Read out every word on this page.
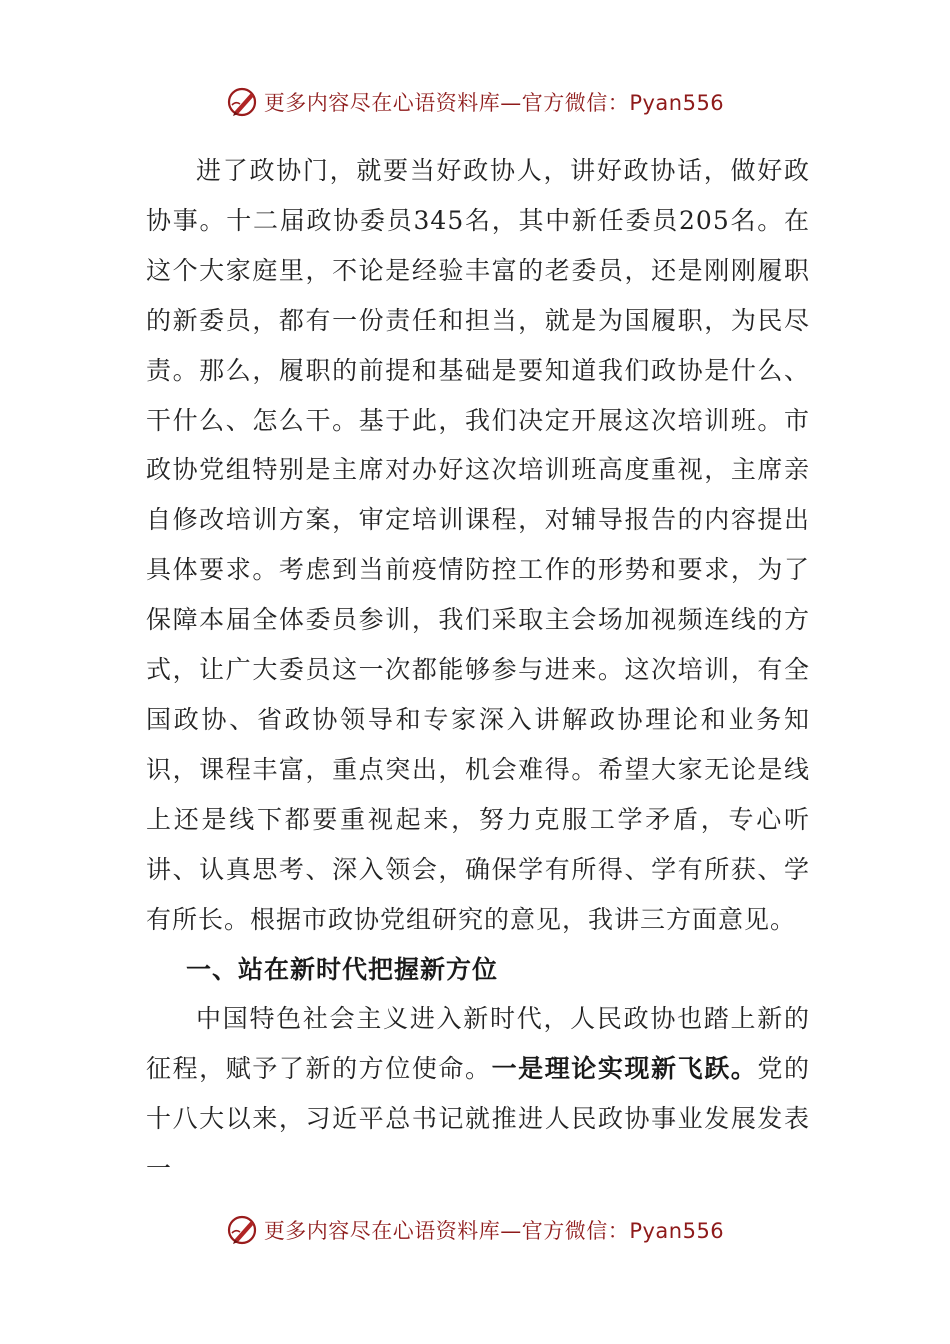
更多内容尽在心语资料库—官方微信：Pyan556

进了政协门，就要当好政协人，讲好政协话，做好政协事。十二届政协委员345名，其中新任委员205名。在这个大家庭里，不论是经验丰富的老委员，还是刚刚履职的新委员，都有一份责任和担当，就是为国履职，为民尽责。那么，履职的前提和基础是要知道我们政协是什么、干什么、怎么干。基于此，我们决定开展这次培训班。市政协党组特别是主席对办好这次培训班高度重视，主席亲自修改培训方案，审定培训课程，对辅导报告的内容提出具体要求。考虑到当前疫情防控工作的形势和要求，为了保障本届全体委员参训，我们采取主会场加视频连线的方式，让广大委员这一次都能够参与进来。这次培训，有全国政协、省政协领导和专家深入讲解政协理论和业务知识，课程丰富，重点突出，机会难得。希望大家无论是线上还是线下都要重视起来，努力克服工学矛盾，专心听讲、认真思考、深入领会，确保学有所得、学有所获、学有所长。根据市政协党组研究的意见，我讲三方面意见。

一、站在新时代把握新方位

中国特色社会主义进入新时代，人民政协也踏上新的征程，赋予了新的方位使命。一是理论实现新飞跃。党的十八大以来，习近平总书记就推进人民政协事业发展发表一

更多内容尽在心语资料库—官方微信：Pyan556
